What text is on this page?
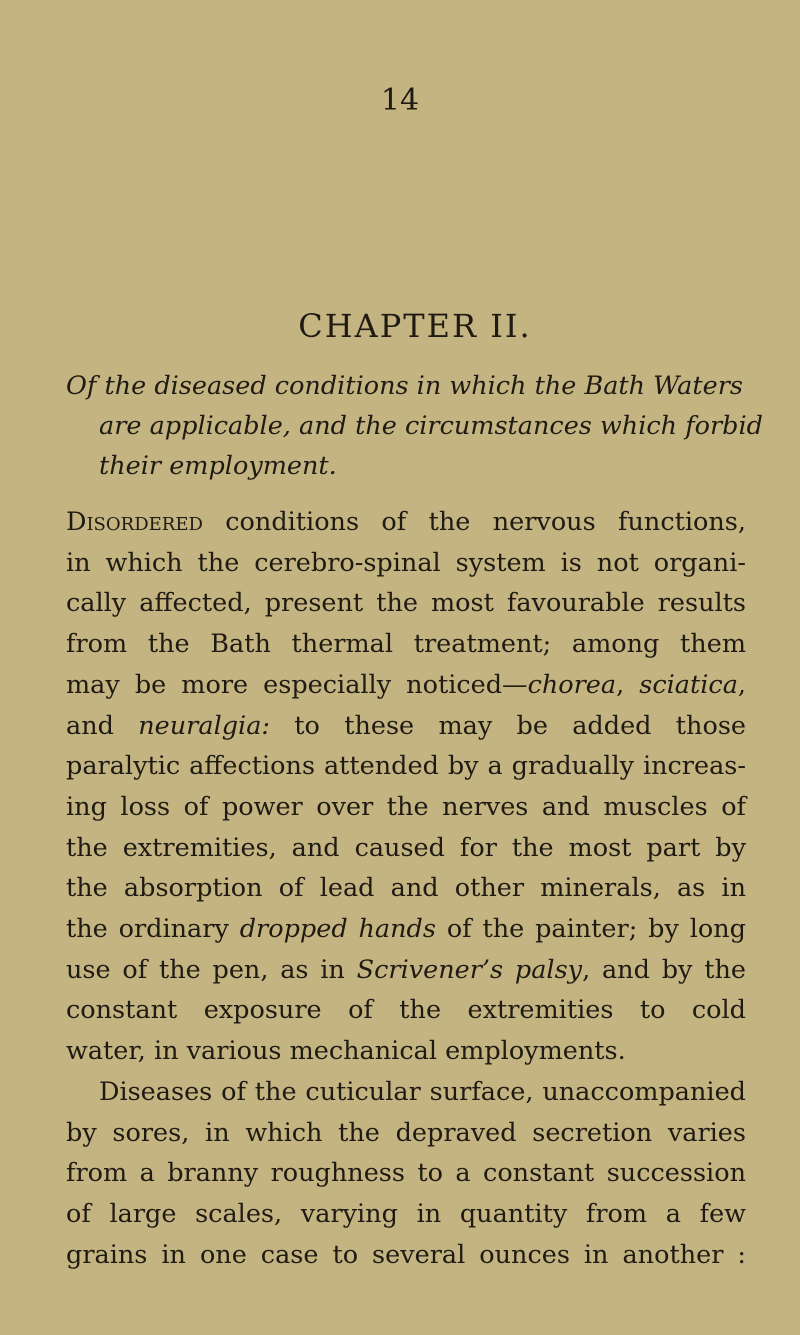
14
CHAPTER II.
Of the diseased conditions in which the Bath Waters
are applicable, and the circumstances which forbid
their employment.
Disordered conditions of the nervous functions,
in which the cerebro-spinal system is not organi-
cally affected, present the most favourable results
from the Bath thermal treatment; among them
may be more especially noticed—chorea, sciatica,
and neuralgia: to these may be added those
paralytic affections attended by a gradually increas-
ing loss of power over the nerves and muscles of
the extremities, and caused for the most part by
the absorption of lead and other minerals, as in
the ordinary dropped hands of the painter; by long
use of the pen, as in Scrivener’s palsy, and by the
constant exposure of the extremities to cold
water, in various mechanical employments.
Diseases of the cuticular surface, unaccompanied
by sores, in which the depraved secretion varies
from a branny roughness to a constant succession
of large scales, varying in quantity from a few
grains in one case to several ounces in another :
